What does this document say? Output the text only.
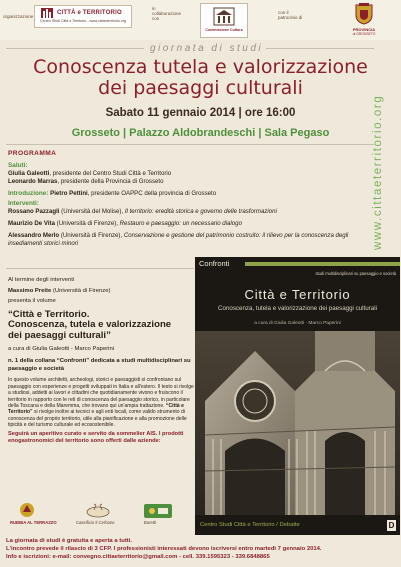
organizzazione
CITTÀ e TERRITORIO
Centro Studi Città e Territorio - www.cittaeterritorio.org
in
collaborazione
con
Commissione Cultura
con il
patrocinio di
PROVINCIA
di GROSSETO
giornata di studi
Conoscenza tutela e valorizzazione
dei paesaggi culturali
Sabato 11 gennaio 2014 | ore 16:00
Grosseto | Palazzo Aldobrandeschi | Sala Pegaso	www.cittaeterritorio.org

PROGRAMMA

Saluti:

Giulia Galeotti, presidente del Centro Studi Città e Territorio

Leonardo Marras, presidente della Provincia di Grosseto

Introduzione: Pietro Pettini, presidente OAPPC della provincia di Grosseto

Interventi:

Rossano Pazzagli (Università del Molise), Il territorio: eredità storica e governo delle trasformazioni

Maurizio De Vita (Università di Firenze), Restauro e paesaggio: un necessario dialogo

Alessandro Merlo (Università di Firenze), Conservazione e gestione del patrimonio costruito: il rilievo per la conoscenza degli insediamenti storici minori

Al termine degli interventi

Massimo Preite (Università di Firenze)

presenta il volume

“Città e Territorio.

Conoscenza, tutela e valorizzazione

dei paesaggi culturali”

a cura di Giulia Galeotti - Marco Paperini

n. 1 della collana “Confronti” dedicata a studi multidisciplinari su paesaggio e società

In questo volume architetti, archeologi, storici e paesaggisti si confrontano sul paesaggio con esperienze e progetti sviluppati in Italia e all'estero. Il testo si rivolge a studiosi, addetti ai lavori e cittadini che quotidianamente vivono e fruiscono il territorio in rapporto con le reti di conoscenza del paesaggio storico, in particolare della Toscana e della Maremma, che trovano qui un'ampia trattazione. “Città e Territorio” si rivolge inoltre ai tecnici e agli enti locali, come valido strumento di conoscenza del proprio territorio, utile alla pianificazione e alla promozione delle tipicità e del turismo culturale ed ecosostenibile.

Seguirà un aperitivo curato e servito da sommelier AIS. I prodotti enogastronomici del territorio sono offerti dalle aziende:

RUBBIA AL TERRAZZO	Caseificio Il Cerbone	Boretti
Confronti
studi multidisciplinari su paesaggio e società
Città e Territorio
Conoscenza, tutela e valorizzazione dei paesaggi culturali
a cura di Giulia Galeotti · Marco Paperini
Centro Studi Città e Territorio / Debatte	D

La giornata di studi è gratuita e aperta a tutti.

L'incontro prevede il rilascio di 3 CFP. I professionisti interessati devono iscriversi entro martedì 7 gennaio 2014.

Info e iscrizioni: e-mail: convegno.cittaeterritorio@gmail.com - cell. 339.1595323 - 339.6848865
